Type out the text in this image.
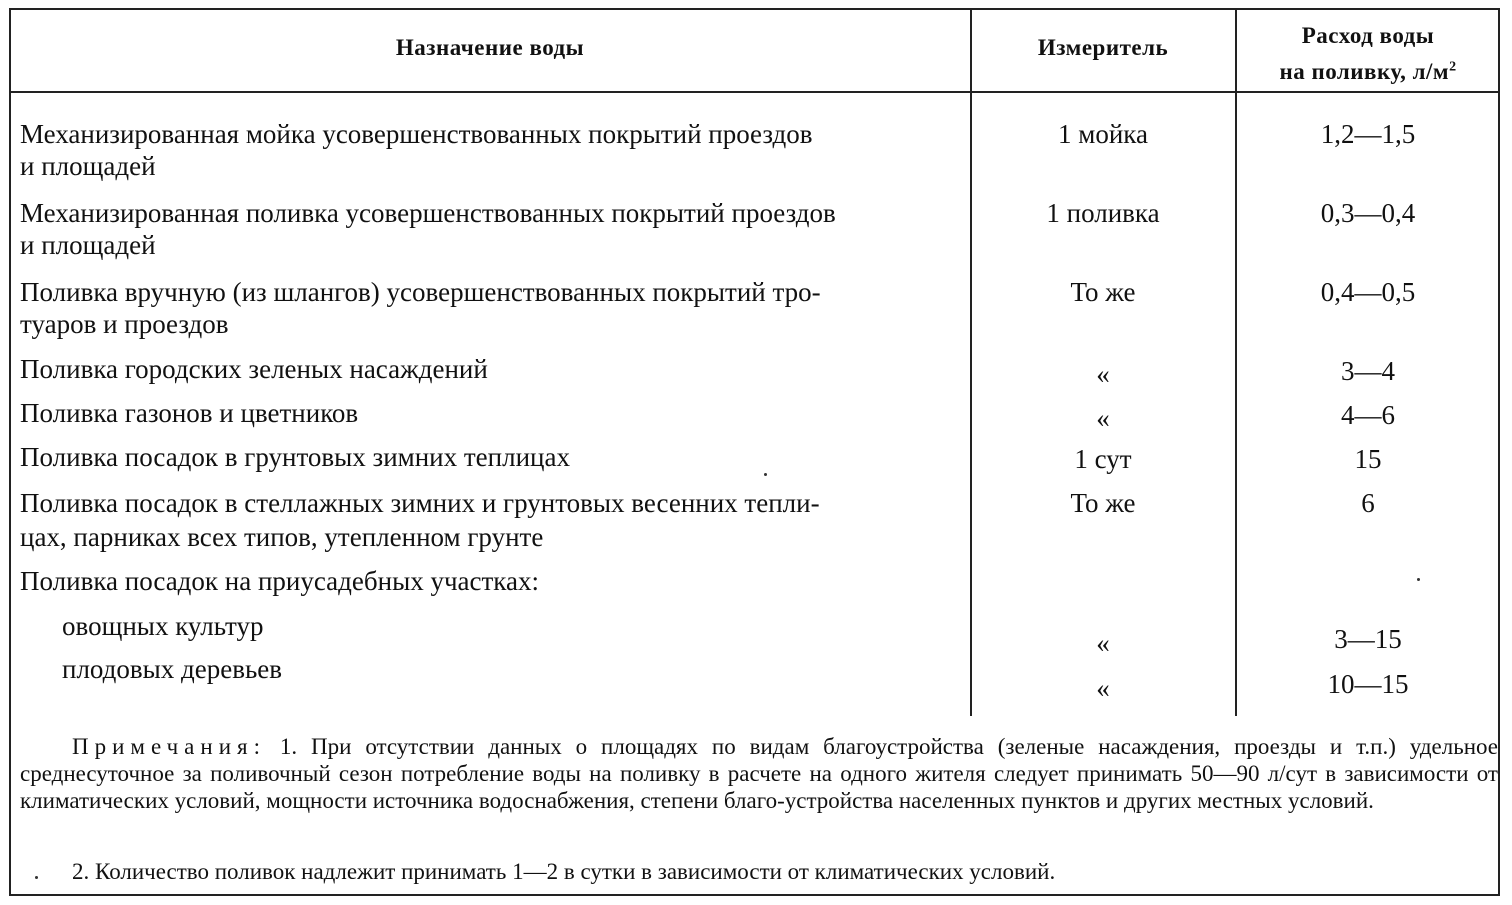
Назначение воды	Измеритель	Расход воды
на поливку, $л/м^2$
Механизированная мойка усовершенствованных покрытий проездов
и площадей
1 мойка	1,2—1,5
Механизированная поливка усовершенствованных покрытий проездов
и площадей
1 поливка	0,3—0,4
Поливка вручную (из шлангов) усовершенствованных покрытий тро-
туаров и проездов
То же	0,4—0,5
Поливка городских зеленых насаждений	«	3—4
Поливка газонов и цветников	«	4—6
Поливка посадок в грунтовых зимних теплицах	1 сут	15
Поливка посадок в стеллажных зимних и грунтовых весенних тепли-
цах, парниках всех типов, утепленном грунте
То же	6
Поливка посадок на приусадебных участках:
овощных культур
«	3—15
плодовых деревьев
«	10—15
Примечания: 1. При отсутствии данных о площадях по видам благоустройства (зеленые насаждения, проезды и т.п.) удельное среднесуточное за поливочный сезон потребление воды на поливку в расчете на одного жителя следует принимать 50—90 л/сут в зависимости от климатических условий, мощности источника водоснабжения, степени благо-устройства населенных пунктов и других местных условий.
2. Количество поливок надлежит принимать 1—2 в сутки в зависимости от климатических условий.
